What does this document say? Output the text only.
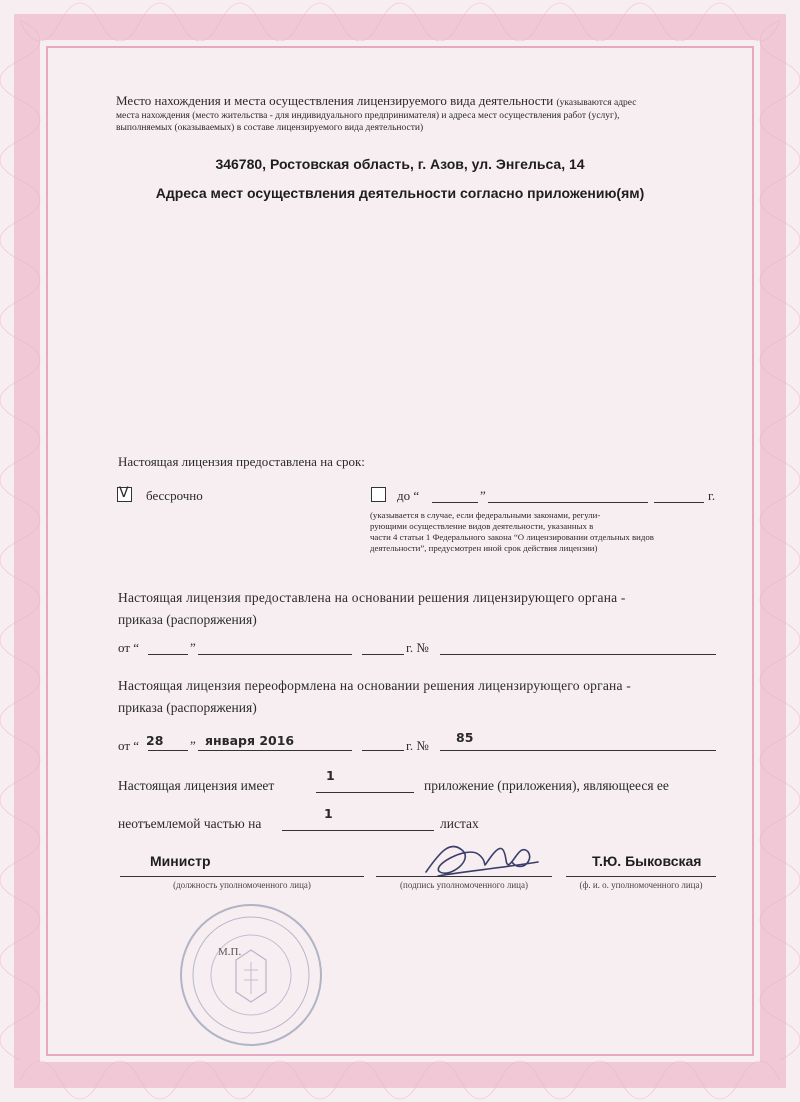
Место нахождения и места осуществления лицензируемого вида деятельности (указываются адрес
места нахождения (место жительства - для индивидуального предпринимателя) и адреса мест осуществления работ (услуг),
выполняемых (оказываемых) в составе лицензируемого вида деятельности)
346780, Ростовская область, г. Азов, ул. Энгельса, 14
Адреса мест осуществления деятельности согласно приложению(ям)
Настоящая лицензия предоставлена на срок:
V бессрочно	до “	”	г.
(указывается в случае, если федеральными законами, регули-
рующими осуществление видов деятельности, указанных в
части 4 статьи 1 Федерального закона “О лицензировании отдельных видов
деятельности”, предусмотрен иной срок действия лицензии)
Настоящая лицензия предоставлена на основании решения лицензирующего органа -
приказа (распоряжения)
от “	”	г. №
Настоящая лицензия переоформлена на основании решения лицензирующего органа -
приказа (распоряжения)
от “ 28 ” января 2016	г. №
85
Настоящая лицензия имеет
1
приложение (приложения), являющееся ее
неотъемлемой частью на
1
листах
Министр
(должность уполномоченного лица)	(подпись уполномоченного лица)
Т.Ю. Быковская
(ф. и. о. уполномоченного лица)
М.П.
